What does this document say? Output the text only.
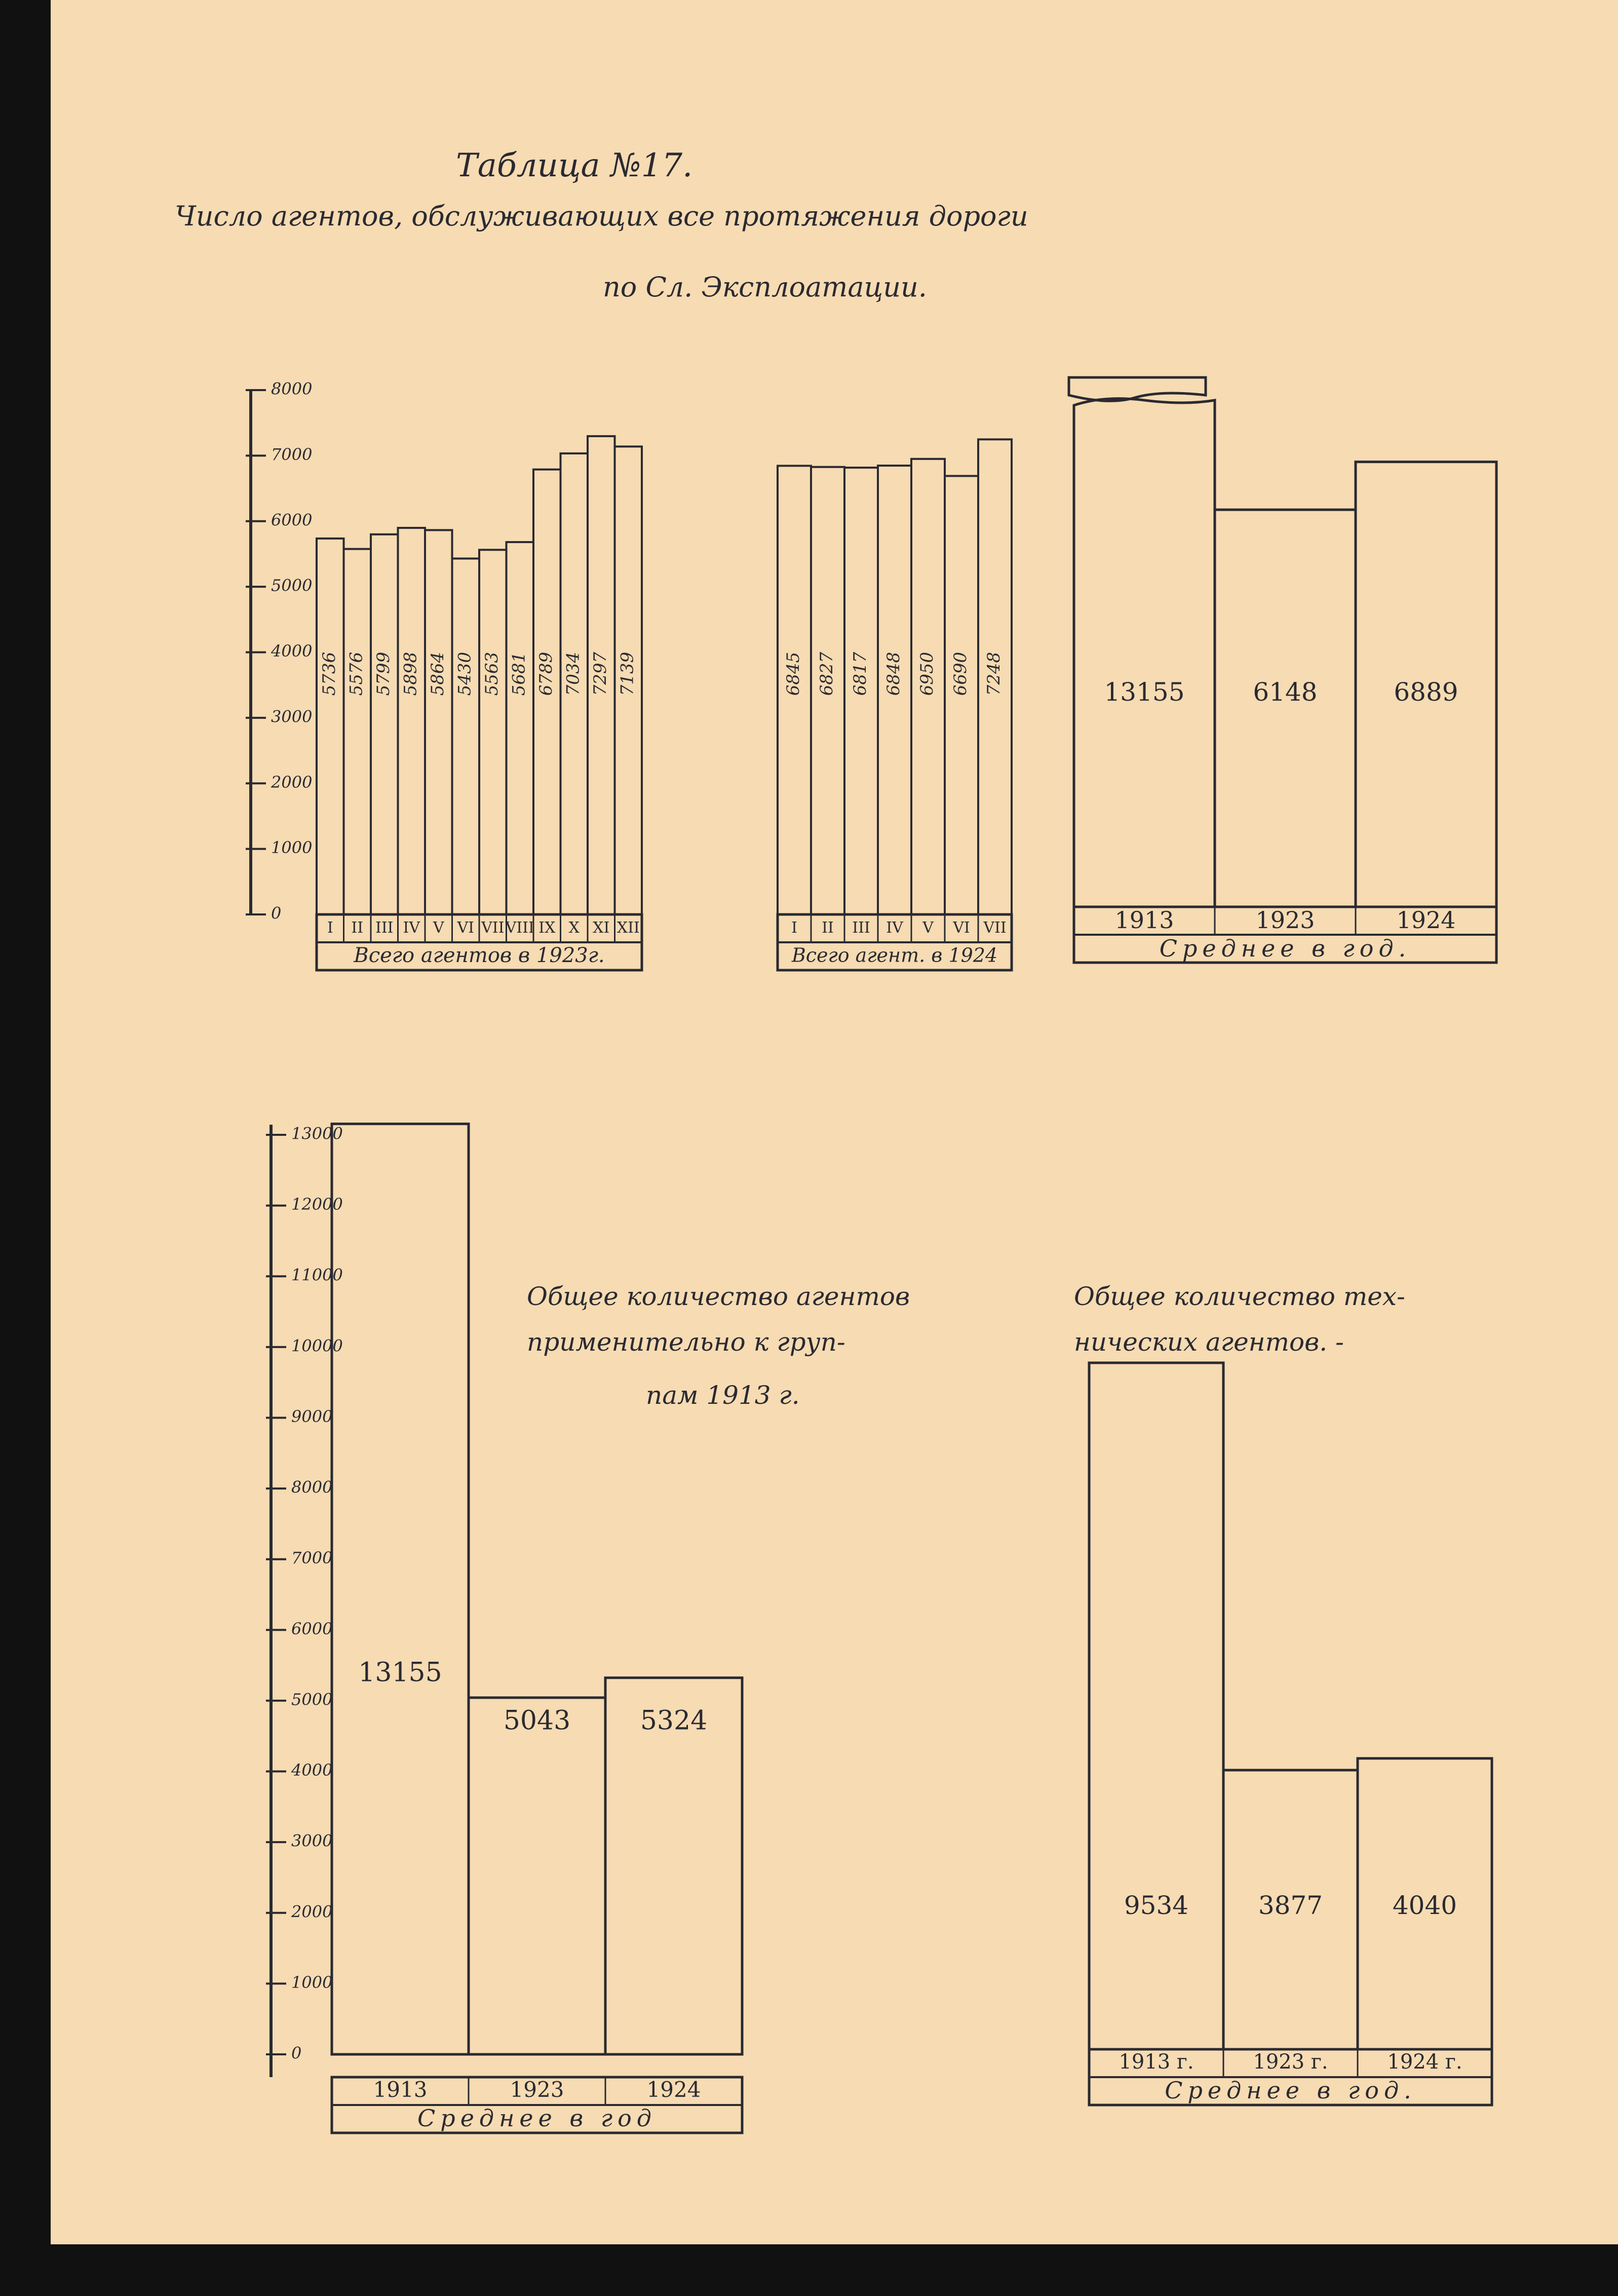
Таблица №17.
Число агентов, обслуживающих все протяжения дороги
по Сл. Эксплоатации.
Общее количество агентов
применительно к груп-
пам 1913 г.
Общее количество тех-
нических агентов. -
0
1000
2000
3000
4000
5000
6000
7000
8000
5736 5576 5799 5898 5864 5430 5563 5681 6789 7034 7297 7139
I II III IV V VI VII VIII IX X XI XII
Всего агентов в 1923г.
6845 6827 6817 6848 6950 6690 7248
I II III IV V VI VII
Всего агент. в 1924
13155	6148	6889
1913	1923	1924
Среднее в год.
0
1000
2000
3000
4000
5000
6000
7000
8000
9000
10000
11000
12000
13000
13155
5043	5324
1913	1923	1924
Среднее в год
9534	3877	4040
1913 г.	1923 г.	1924 г.
Среднее в год.
